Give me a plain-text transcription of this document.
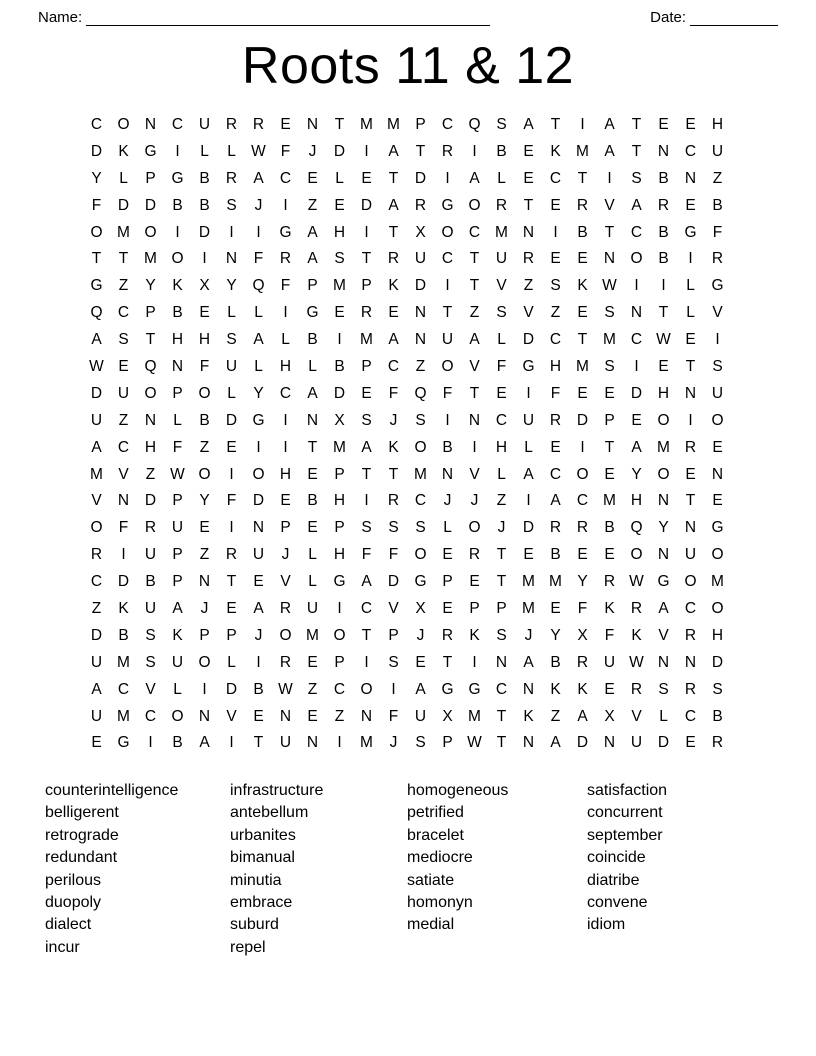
Name:	Date:
Roots 11 & 12
C O N	C	U	R	R	E	N	T	M M P	C Q	S	A	T	I	A	T	E	E	H
D	K	G	I	L	L W F	J	D	I	A	T	R	I	B	E	K M A	T	N	C	U
Y	L	P	G	B	R	A	C	E	L	E	T	D	I	A	L	E	C	T	I	S	B	N	Z
F	D	D	B	B	S	J	I	Z	E	D	A	R G O R	T	E	R	V	A	R	E	B
O M O	I	D	I	I	G	A	H	I	T	X	O C M N	I	B	T	C	B	G	F
T	T	M O	I	N	F	R	A	S	T	R	U	C	T	U	R	E	E	N O	B	I	R
G	Z	Y	K	X	Y	Q	F	P M P	K	D	I	T	V	Z	S	K W	I	I	L	G
Q C	P	B	E	L	L	I	G	E	R	E	N	T	Z	S	V	Z	E	S	N	T	L	V
A	S	T	H	H	S	A	L	B	I	M A	N	U	A	L	D	C	T	M C W E	I
W E	Q N	F	U	L	H	L	B	P	C	Z	O	V	F	G H M S	I	E	T	S
D	U O	P	O	L	Y	C	A	D	E	F	Q	F	T	E	I	F	E	E	D	H	N	U
U	Z	N	L	B	D G	I	N	X	S	J	S	I	N	C	U	R	D	P	E	O	I	O
A	C	H	F	Z	E	I	I	T	M A	K	O	B	I	H	L	E	I	T	A M R	E
M V	Z W O	I	O H	E	P	T	T	M N	V	L	A	C O	E	Y	O	E	N
V	N	D	P	Y	F	D	E	B	H	I	R	C	J	J	Z	I	A	C M H	N	T	E
O	F	R	U	E	I	N	P	E	P	S	S	S	L	O	J	D	R	R	B	Q	Y	N G
R	I	U	P	Z	R	U	J	L	H	F	F	O	E	R	T	E	B	E	E	O N	U O
C	D	B	P	N	T	E	V	L	G	A	D G	P	E	T	M M Y	R W G O M
Z	K	U	A	J	E	A	R	U	I	C	V	X	E	P	P M E	F	K	R	A	C O
D	B	S	K	P	P	J	O M O	T	P	J	R	K	S	J	Y	X	F	K	V	R	H
U M S	U O	L	I	R	E	P	I	S	E	T	I	N	A	B	R	U W N	N	D
A	C	V	L	I	D	B W Z	C O	I	A	G G C	N	K	K	E	R	S	R	S
U M C O N	V	E	N	E	Z	N	F	U	X M	T	K	Z	A	X	V	L	C	B
E	G	I	B	A	I	T	U	N	I	M	J	S	P W T	N	A	D	N	U	D	E	R
counterintelligence
belligerent
retrograde
redundant
perilous
duopoly
dialect
incur
infrastructure
antebellum
urbanites
bimanual
minutia
embrace
suburd
repel
homogeneous
petrified
bracelet
mediocre
satiate
homonyn
medial
satisfaction
concurrent
september
coincide
diatribe
convene
idiom
